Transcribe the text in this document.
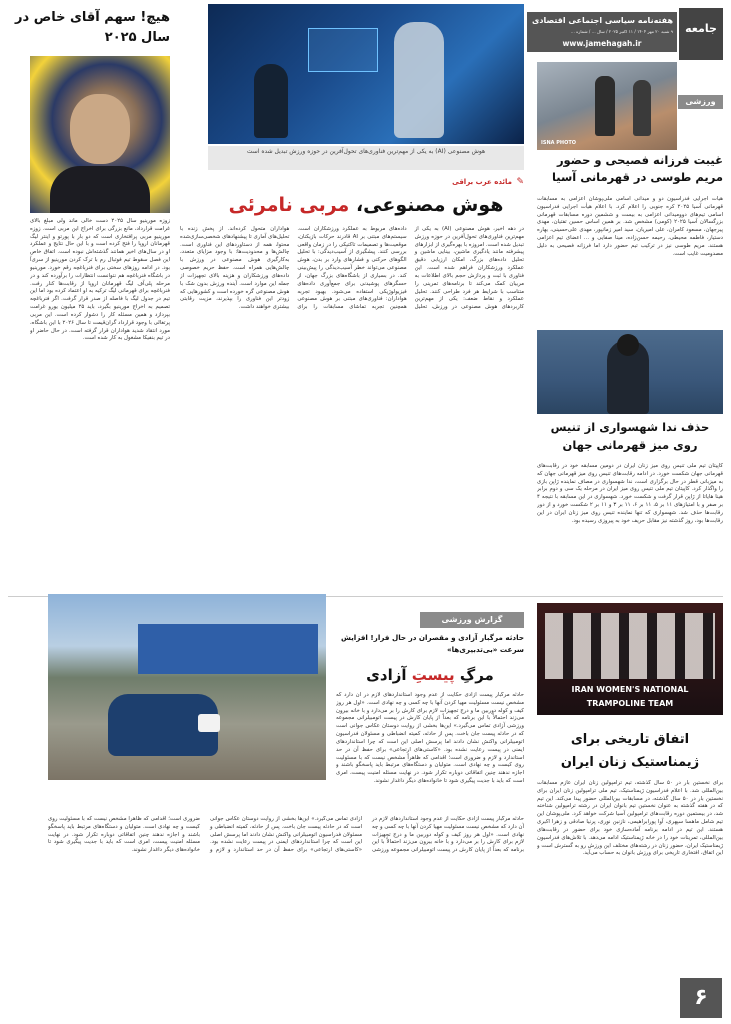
هفته‌نامه سیاسی اجتماعی اقتصادی
۹ شنبه ۲۰ مهر ۱۴۰۴ / ۱۱ اکتبر ۲۰۲۵ / سال ... / شماره ...
www.jamehagah.ir
جامعه
ISNA PHOTO
ورزشی
غیبت فرزانه فصیحی و حضور مریم طوسی در قهرمانی آسیا
هیأت اجرایی فدراسیون دو و میدانی اسامی ملی‌پوشان اعزامی به مسابقات قهرمانی آسیا ۲۰۲۵ کره جنوبی را اعلام کرد. با اعلام هیأت اجرایی فدراسیون اسامی تیم‌های دوومیدانی اعزامی به بیست و ششمین دوره مسابقات قهرمانی بزرگسالان آسیا ۲۰۲۵ (کومی) مشخص شد. بر همین اساس حسین تفتیان، مهدی پیرجهان، مسعود کامران، علی امیریان، سید امیر زمانپور، مهدی علی‌حسینی، بهاره دستیار، فاطمه محیطی، رحیمه حسن‌زاده، مینا صفایی و ... اعضای تیم اعزامی هستند. مریم طوسی نیز در ترکیب تیم حضور دارد اما فرزانه فصیحی به دلیل مصدومیت غایب است.
حذف ندا شهسواری از تنیس روی میز قهرمانی جهان
کاپیتان تیم ملی تنیس روی میز زنان ایران در دومین مسابقه خود در رقابت‌های قهرمانی جهان شکست خورد. در ادامه رقابت‌های تنیس روی میز قهرمانی جهان که به میزبانی قطر در حال برگزاری است، ندا شهسواری در مصاف نماینده ژاپن بازی را واگذار کرد. کاپیتان تیم ملی تنیس روی میز ایران در مرحله یک سی و دوم برابر هینا هایاتا از ژاپن قرار گرفت و شکست خورد. شهسواری در این مسابقه با نتیجه ۴ بر صفر و با امتیازهای ۱۱ بر ۵، ۱۱ بر ۶، ۱۱ بر ۳ و ۱۱ بر ۲ شکست خورد و از دور رقابت‌ها حذف شد. شهسواری که تنها نماینده تنیس روی میز زنان ایران در این رقابت‌ها بود، روز گذشته نیز مقابل حریف خود به پیروزی رسیده بود.
هیچ! سهم آقای خاص در سال ۲۰۲۵
زوزه مورینیو سال ۲۰۲۵ دست خالی ماند ولی مبلغ بالای غرامت قرارداد، مانع بزرگی برای اخراج این مربی است. زوزه مورینیو مربی پرافتخاری است که دو بار با پورتو و اینتر لیگ قهرمانان اروپا را فتح کرده است و با این حال نتایج و عملکرد او در سال‌های اخیر همانند گذشته‌اش نبوده است. اتفاق خاص این فصل سقوط تیم فوتبال رم با ترک کردن مورینیو از سری‌آ بود. در ادامه روزهای سختی برای فنرباغچه رقم خورد. مورینیو در باشگاه فنرباغچه هم نتوانست انتظارات را برآورده کند و در مرحله پلی‌آف لیگ قهرمانان اروپا از رقابت‌ها کنار رفت. فنرباغچه برای قهرمانی لیگ ترکیه به او اعتماد کرده بود اما این تیم در جدول لیگ با فاصله از صدر قرار گرفت. اگر فنرباغچه تصمیم به اخراج مورینیو بگیرد، باید ۲۵ میلیون یورو غرامت بپردازد و همین مسئله کار را دشوار کرده است. این مربی پرتغالی با وجود قرارداد گران‌قیمت تا سال ۲۰۲۶ با این باشگاه، مورد انتقاد شدید هواداران قرار گرفته است. در حال حاضر او در تیم بنفیکا مشغول به کار شده است.
هوش مصنوعی (AI) به یکی از مهم‌ترین فناوری‌های تحول‌آفرین در حوزه ورزش تبدیل شده است
✎
مائده عرب براقی
هوش مصنوعی، مربی نامرئی
در دهه اخیر، هوش مصنوعی (AI) به یکی از مهم‌ترین فناوری‌های تحول‌آفرین در حوزه ورزش تبدیل شده است. امروزه با بهره‌گیری از ابزارهای پیشرفته مانند یادگیری ماشین، بینایی ماشین و تحلیل داده‌های بزرگ، امکان ارزیابی دقیق عملکرد ورزشکاران فراهم شده است. این فناوری با ثبت و پردازش حجم بالای اطلاعات به مربیان کمک می‌کند تا برنامه‌های تمرینی را متناسب با شرایط هر فرد طراحی کنند. تحلیل عملکرد و نقاط ضعف: یکی از مهم‌ترین کاربردهای هوش مصنوعی در ورزش، تحلیل داده‌های مربوط به عملکرد ورزشکاران است. سیستم‌های مبتنی بر AI قادرند حرکات بازیکنان، موقعیت‌ها و تصمیمات تاکتیکی را در زمان واقعی بررسی کنند. پیشگیری از آسیب‌دیدگی: با تحلیل الگوهای حرکتی و فشارهای وارد بر بدن، هوش مصنوعی می‌تواند خطر آسیب‌دیدگی را پیش‌بینی کند. در بسیاری از باشگاه‌های بزرگ جهان، از حسگرهای پوشیدنی برای جمع‌آوری داده‌های فیزیولوژیکی استفاده می‌شود. بهبود تجربه هواداران: فناوری‌های مبتنی بر هوش مصنوعی همچنین تجربه تماشای مسابقات را برای هواداران متحول کرده‌اند. از پخش زنده با تحلیل‌های آماری تا پیشنهادهای شخصی‌سازی‌شده محتوا، همه از دستاوردهای این فناوری است. چالش‌ها و محدودیت‌ها: با وجود مزایای متعدد، به‌کارگیری هوش مصنوعی در ورزش با چالش‌هایی همراه است. حفظ حریم خصوصی داده‌های ورزشکاران و هزینه بالای تجهیزات از جمله این موارد است. آینده ورزش بدون شک با هوش مصنوعی گره خورده است و کشورهایی که زودتر این فناوری را بپذیرند، مزیت رقابتی بیشتری خواهند داشت.
گزارش ورزشی
حادثه مرگبار آزادی و مقصران در حال فرار! افزایش سرعت «بی‌تدبیری‌ها»
مرگِ پیستِ آزادی
حادثه مرگبار پیست آزادی حکایت از عدم وجود استانداردهای لازم در آن دارد که مشخص نیست مسئولیت مهیا کردن آنها با چه کسی و چه نهادی است. «اول هر روز کیف و کوله دوربین ما و درج تجهیزات لازم برای کارش را بر می‌دارد و با خانه بیرون می‌زند احتمالاً با این برنامه که بعداً از پایان کارش در پیست اتومبیلرانی مجموعه ورزشی آزادی تماس می‌گیرد.» این‌ها بخشی از روایت دوستان عکاس جوانی است که در حادثه پیست جان باخت. پس از حادثه، کمیته انضباطی و مسئولان فدراسیون اتومبیلرانی واکنش نشان دادند اما پرسش اصلی این است که چرا استانداردهای ایمنی در پیست رعایت نشده بود. «کاستی‌های ارتجاعی» برای حفظ آن در حد استاندارد و لازم و ضروری است؛ اقدامی که ظاهراً مشخص نیست که با مسئولیت روی کیست و چه نهادی است. متولیان و دستگاه‌های مرتبط باید پاسخگو باشند و اجازه ندهند چنین اتفاقاتی دوباره تکرار شود. در نهایت مسئله امنیت پیست، امری است که باید با جدیت پیگیری شود تا خانواده‌های دیگر داغدار نشوند.
حادثه مرگبار پیست آزادی حکایت از عدم وجود استانداردهای لازم در آن دارد که مشخص نیست مسئولیت مهیا کردن آنها با چه کسی و چه نهادی است. «اول هر روز کیف و کوله دوربین ما و درج تجهیزات لازم برای کارش را بر می‌دارد و با خانه بیرون می‌زند احتمالاً با این برنامه که بعداً از پایان کارش در پیست اتومبیلرانی مجموعه ورزشی آزادی تماس می‌گیرد.» این‌ها بخشی از روایت دوستان عکاس جوانی است که در حادثه پیست جان باخت. پس از حادثه، کمیته انضباطی و مسئولان فدراسیون اتومبیلرانی واکنش نشان دادند اما پرسش اصلی این است که چرا استانداردهای ایمنی در پیست رعایت نشده بود. «کاستی‌های ارتجاعی» برای حفظ آن در حد استاندارد و لازم و ضروری است؛ اقدامی که ظاهراً مشخص نیست که با مسئولیت روی کیست و چه نهادی است. متولیان و دستگاه‌های مرتبط باید پاسخگو باشند و اجازه ندهند چنین اتفاقاتی دوباره تکرار شود. در نهایت مسئله امنیت پیست، امری است که باید با جدیت پیگیری شود تا خانواده‌های دیگر داغدار نشوند.
IRAN WOMEN'S NATIONAL TRAMPOLINE TEAM
اتفاق تاریخی برای ژیمناستیک زنان ایران
برای نخستین بار در ۵۰ سال گذشته، تیم ترامپولین زنان ایران عازم مسابقات بین‌المللی شد. با اعلام فدراسیون ژیمناستیک، تیم ملی ترامپولین زنان ایران برای نخستین بار در ۵۰ سال گذشته، در مسابقات بین‌المللی حضور پیدا می‌کند. این تیم که در هفته گذشته به عنوان نخستین تیم بانوان ایران در رشته ترامپولین شناخته شد، در بیستمین دوره رقابت‌های ترامپولین آسیا شرکت خواهد کرد. ملی‌پوشان این تیم شامل ماهسا سپهری، آوا پورابراهیمی، نازنین نوری، پرنیا صادقی و زهرا اکبری هستند. این تیم در ادامه برنامه آماده‌سازی خود برای حضور در رقابت‌های بین‌المللی، تمرینات خود را در خانه ژیمناستیک ادامه می‌دهد. با تلاش‌های فدراسیون ژیمناستیک ایران، حضور زنان در رشته‌های مختلف این ورزش رو به گسترش است و این اتفاق، افتخاری تاریخی برای ورزش بانوان به حساب می‌آید.
۶
